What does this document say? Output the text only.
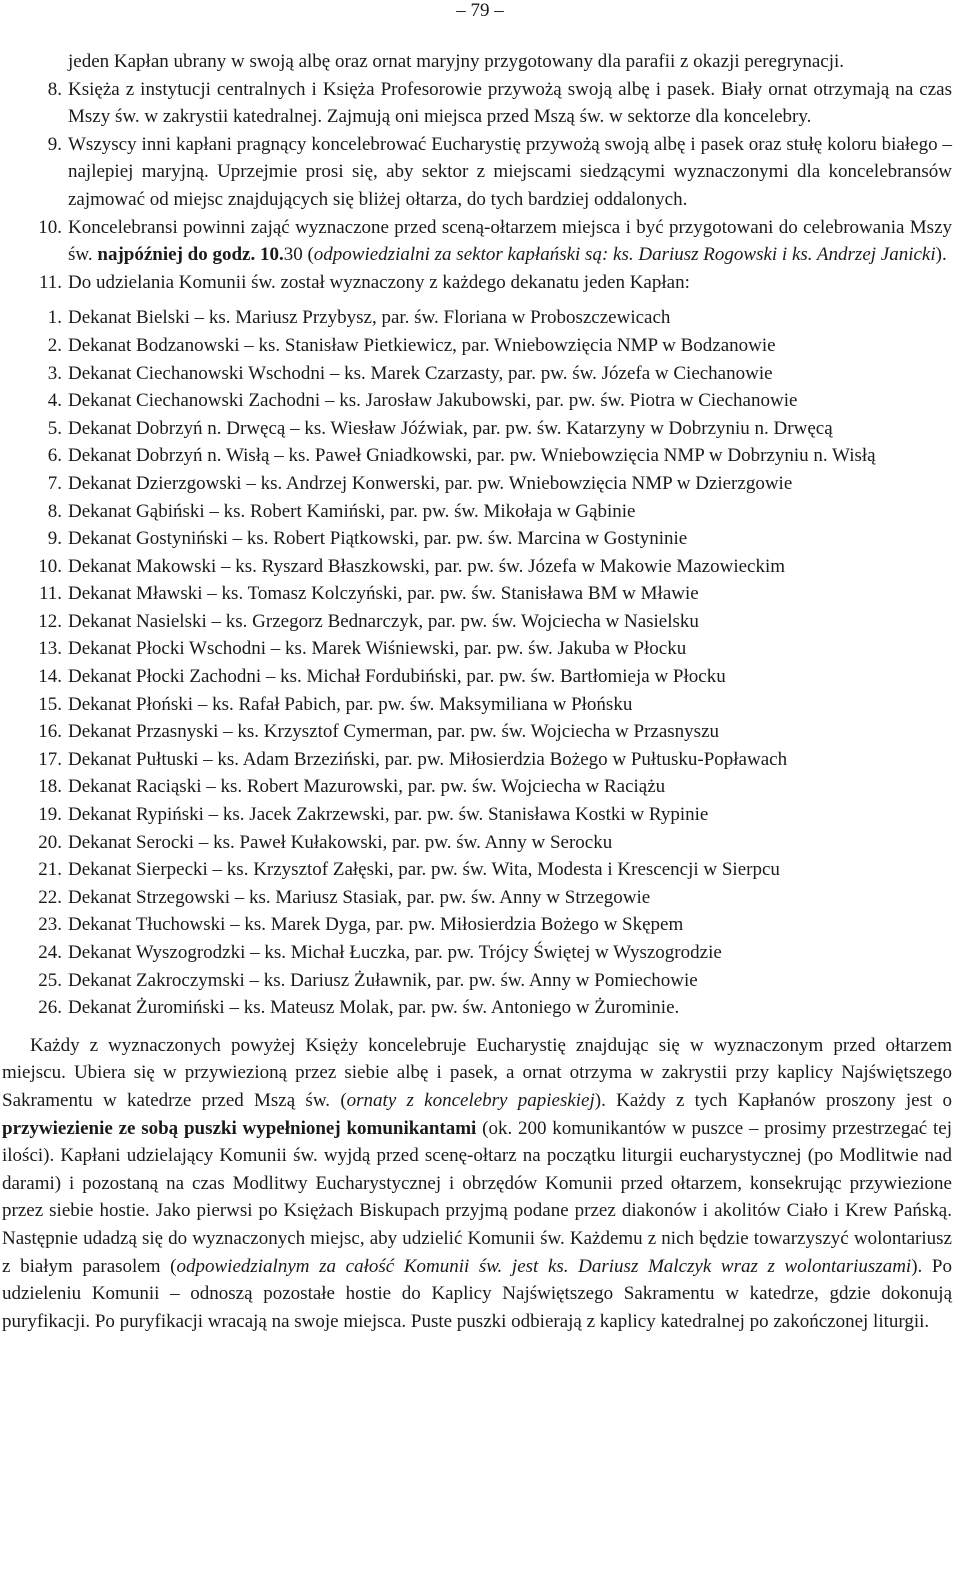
– 79 –
jeden Kapłan ubrany w swoją albę oraz ornat maryjny przygotowany dla parafii z okazji peregrynacji.
8. Księża z instytucji centralnych i Księża Profesorowie przywożą swoją albę i pasek. Biały ornat otrzymają na czas Mszy św. w zakrystii katedralnej. Zajmują oni miejsca przed Mszą św. w sektorze dla koncelebry.
9. Wszyscy inni kapłani pragnący koncelebrować Eucharystię przywożą swoją albę i pasek oraz stułę koloru białego – najlepiej maryjną. Uprzejmie prosi się, aby sektor z miejscami siedzącymi wyznaczonymi dla koncelebransów zajmować od miejsc znajdujących się bliżej ołtarza, do tych bardziej oddalonych.
10. Koncelebransi powinni zająć wyznaczone przed sceną-ołtarzem miejsca i być przygotowani do celebrowania Mszy św. najpóźniej do godz. 10.30 (odpowiedzialni za sektor kapłański są: ks. Dariusz Rogowski i ks. Andrzej Janicki).
11. Do udzielania Komunii św. został wyznaczony z każdego dekanatu jeden Kapłan:
1. Dekanat Bielski – ks. Mariusz Przybysz, par. św. Floriana w Proboszczewicach
2. Dekanat Bodzanowski – ks. Stanisław Pietkiewicz, par. Wniebowzięcia NMP w Bodzanowie
3. Dekanat Ciechanowski Wschodni – ks. Marek Czarzasty, par. pw. św. Józefa w Ciechanowie
4. Dekanat Ciechanowski Zachodni – ks. Jarosław Jakubowski, par. pw. św. Piotra w Ciechanowie
5. Dekanat Dobrzyń n. Drwęcą – ks. Wiesław Jóźwiak, par. pw. św. Katarzyny w Dobrzyniu n. Drwęcą
6. Dekanat Dobrzyń n. Wisłą – ks. Paweł Gniadkowski, par. pw. Wniebowzięcia NMP w Dobrzyniu n. Wisłą
7. Dekanat Dzierzgowski – ks. Andrzej Konwerski, par. pw. Wniebowzięcia NMP w Dzierzgowie
8. Dekanat Gąbiński – ks. Robert Kamiński, par. pw. św. Mikołaja w Gąbinie
9. Dekanat Gostyniński – ks. Robert Piątkowski, par. pw. św. Marcina w Gostyninie
10. Dekanat Makowski – ks. Ryszard Błaszkowski, par. pw. św. Józefa w Makowie Mazowieckim
11. Dekanat Mławski – ks. Tomasz Kolczyński, par. pw. św. Stanisława BM w Mławie
12. Dekanat Nasielski – ks. Grzegorz Bednarczyk, par. pw. św. Wojciecha w Nasielsku
13. Dekanat Płocki Wschodni – ks. Marek Wiśniewski, par. pw. św. Jakuba w Płocku
14. Dekanat Płocki Zachodni – ks. Michał Fordubiński, par. pw. św. Bartłomieja w Płocku
15. Dekanat Płoński – ks. Rafał Pabich, par. pw. św. Maksymiliana w Płońsku
16. Dekanat Przasnyski – ks. Krzysztof Cymerman, par. pw. św. Wojciecha w Przasnyszu
17. Dekanat Pułtuski – ks. Adam Brzeziński, par. pw. Miłosierdzia Bożego w Pułtusku-Popławach
18. Dekanat Raciąski – ks. Robert Mazurowski, par. pw. św. Wojciecha w Raciążu
19. Dekanat Rypiński – ks. Jacek Zakrzewski, par. pw. św. Stanisława Kostki w Rypinie
20. Dekanat Serocki – ks. Paweł Kułakowski, par. pw. św. Anny w Serocku
21. Dekanat Sierpecki – ks. Krzysztof Załęski, par. pw. św. Wita, Modesta i Krescencji w Sierpcu
22. Dekanat Strzegowski – ks. Mariusz Stasiak, par. pw. św. Anny w Strzegowie
23. Dekanat Tłuchowski – ks. Marek Dyga, par. pw. Miłosierdzia Bożego w Skępem
24. Dekanat Wyszogrodzki – ks. Michał Łuczka, par. pw. Trójcy Świętej w Wyszogrodzie
25. Dekanat Zakroczymski – ks. Dariusz Żuławnik, par. pw. św. Anny w Pomiechowie
26. Dekanat Żuromiński – ks. Mateusz Molak, par. pw. św. Antoniego w Żurominie.

Każdy z wyznaczonych powyżej Księży koncelebruje Eucharystię znajdując się w wyznaczonym przed ołtarzem miejscu. Ubiera się w przywiezioną przez siebie albę i pasek, a ornat otrzyma w zakrystii przy kaplicy Najświętszego Sakramentu w katedrze przed Mszą św. (ornaty z koncelebry papieskiej). Każdy z tych Kapłanów proszony jest o przywiezienie ze sobą puszki wypełnionej komunikantami (ok. 200 komunikantów w puszce – prosimy przestrzegać tej ilości). Kapłani udzielający Komunii św. wyjdą przed scenę-ołtarz na początku liturgii eucharystycznej (po Modlitwie nad darami) i pozostaną na czas Modlitwy Eucharystycznej i obrzędów Komunii przed ołtarzem, konsekrując przywiezione przez siebie hostie. Jako pierwsi po Księżach Biskupach przyjmą podane przez diakonów i akolitów Ciało i Krew Pańską. Następnie udadzą się do wyznaczonych miejsc, aby udzielić Komunii św. Każdemu z nich będzie towarzyszyć wolontariusz z białym parasolem (odpowiedzialnym za całość Komunii św. jest ks. Dariusz Malczyk wraz z wolontariuszami). Po udzieleniu Komunii – odnoszą pozostałe hostie do Kaplicy Najświętszego Sakramentu w katedrze, gdzie dokonują puryfikacji. Po puryfikacji wracają na swoje miejsca. Puste puszki odbierają z kaplicy katedralnej po zakończonej liturgii.
